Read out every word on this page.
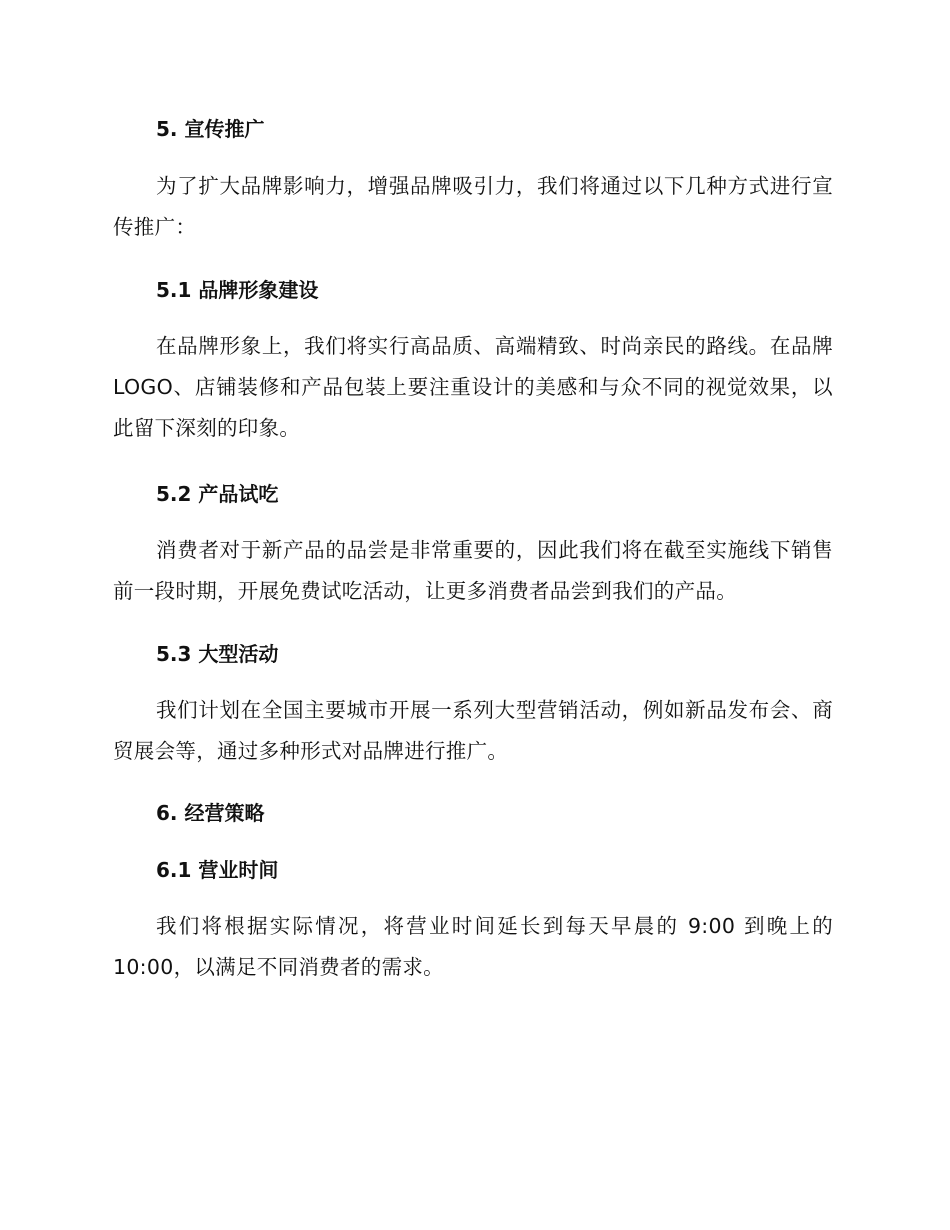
5. 宣传推广

为了扩大品牌影响力，增强品牌吸引力，我们将通过以下几种方式进行宣传推广：

5.1 品牌形象建设

在品牌形象上，我们将实行高品质、高端精致、时尚亲民的路线。在品牌 LOGO、店铺装修和产品包装上要注重设计的美感和与众不同的视觉效果，以此留下深刻的印象。

5.2 产品试吃

消费者对于新产品的品尝是非常重要的，因此我们将在截至实施线下销售前一段时期，开展免费试吃活动，让更多消费者品尝到我们的产品。

5.3 大型活动

我们计划在全国主要城市开展一系列大型营销活动，例如新品发布会、商贸展会等，通过多种形式对品牌进行推广。

6. 经营策略
6.1 营业时间

我们将根据实际情况，将营业时间延长到每天早晨的 9:00 到晚上的 10:00，以满足不同消费者的需求。
